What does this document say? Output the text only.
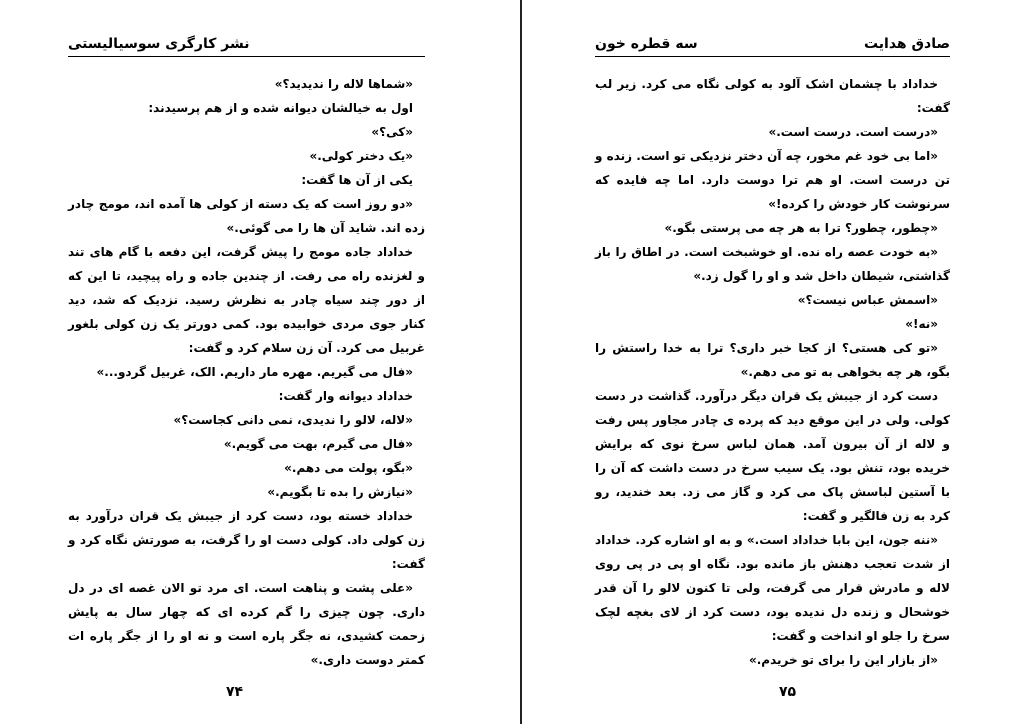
نشر کارگری سوسیالیستی

«شماها لاله را ندیدید؟»

اول به خیالشان دیوانه شده و از هم پرسیدند:

«کی؟»

«یک دختر کولی.»

یکی از آن ها گفت:

«دو روز است که یک دسته از کولی ها آمده اند، مومج چادر زده اند. شاید آن ها را می گوئی.»

خداداد جاده مومج را پیش گرفت، این دفعه با گام های تند و لغزنده راه می رفت. از چندین جاده و راه پیچید، تا این که از دور چند سیاه چادر به نظرش رسید. نزدیک که شد، دید کنار جوی مردی خوابیده بود. کمی دورتر یک زن کولی بلغور غربیل می کرد. آن زن سلام کرد و گفت:

«فال می گیریم. مهره مار داریم. الک، غربیل گردو...»

خداداد دیوانه وار گفت:

«لاله، لالو را ندیدی، نمی دانی کجاست؟»

«فال می گیرم، بهت می گویم.»

«بگو، پولت می دهم.»

«نیازش را بده تا بگویم.»

خداداد خسته بود، دست کرد از جیبش یک قران درآورد به زن کولی داد. کولی دست او را گرفت، به صورتش نگاه کرد و گفت:

«علی پشت و پناهت است. ای مرد تو الان غصه ای در دل داری. چون چیزی را گم کرده ای که چهار سال به پایش زحمت کشیدی، نه جگر پاره است و نه او را از جگر پاره ات کمتر دوست داری.»

۷۴
صادق هدایت
سه قطره خون

خداداد با چشمان اشک آلود به کولی نگاه می کرد. زیر لب گفت:

«درست است. درست است.»

«اما بی خود غم مخور، چه آن دختر نزدیکی تو است. زنده و تن درست است. او هم ترا دوست دارد. اما چه فایده که سرنوشت کار خودش را کرده!»

«چطور، چطور؟ ترا به هر چه می پرستی بگو.»

«به خودت عصه راه نده. او خوشبخت است. در اطاق را باز گذاشتی، شیطان داخل شد و او را گول زد.»

«اسمش عباس نیست؟»

«نه!»

«تو کی هستی؟ از کجا خبر داری؟ ترا به خدا راستش را بگو، هر چه بخواهی به تو می دهم.»

دست کرد از جیبش یک قران دیگر درآورد. گذاشت در دست کولی. ولی در این موقع دید که پرده ی چادر مجاور پس رفت و لاله از آن بیرون آمد. همان لباس سرخ نوی که برایش خریده بود، تنش بود. یک سیب سرخ در دست داشت که آن را با آستین لباسش پاک می کرد و گاز می زد. بعد خندید، رو کرد به زن فالگیر و گفت:

«ننه جون، این بابا خداداد است.» و به او اشاره کرد. خداداد از شدت تعجب دهنش باز مانده بود. نگاه او پی در پی روی لاله و مادرش قرار می گرفت، ولی تا کنون لالو را آن قدر خوشحال و زنده دل ندیده بود، دست کرد از لای بغچه لچک سرخ را جلو او انداخت و گفت:

«از بازار این را برای تو خریدم.»

۷۵
